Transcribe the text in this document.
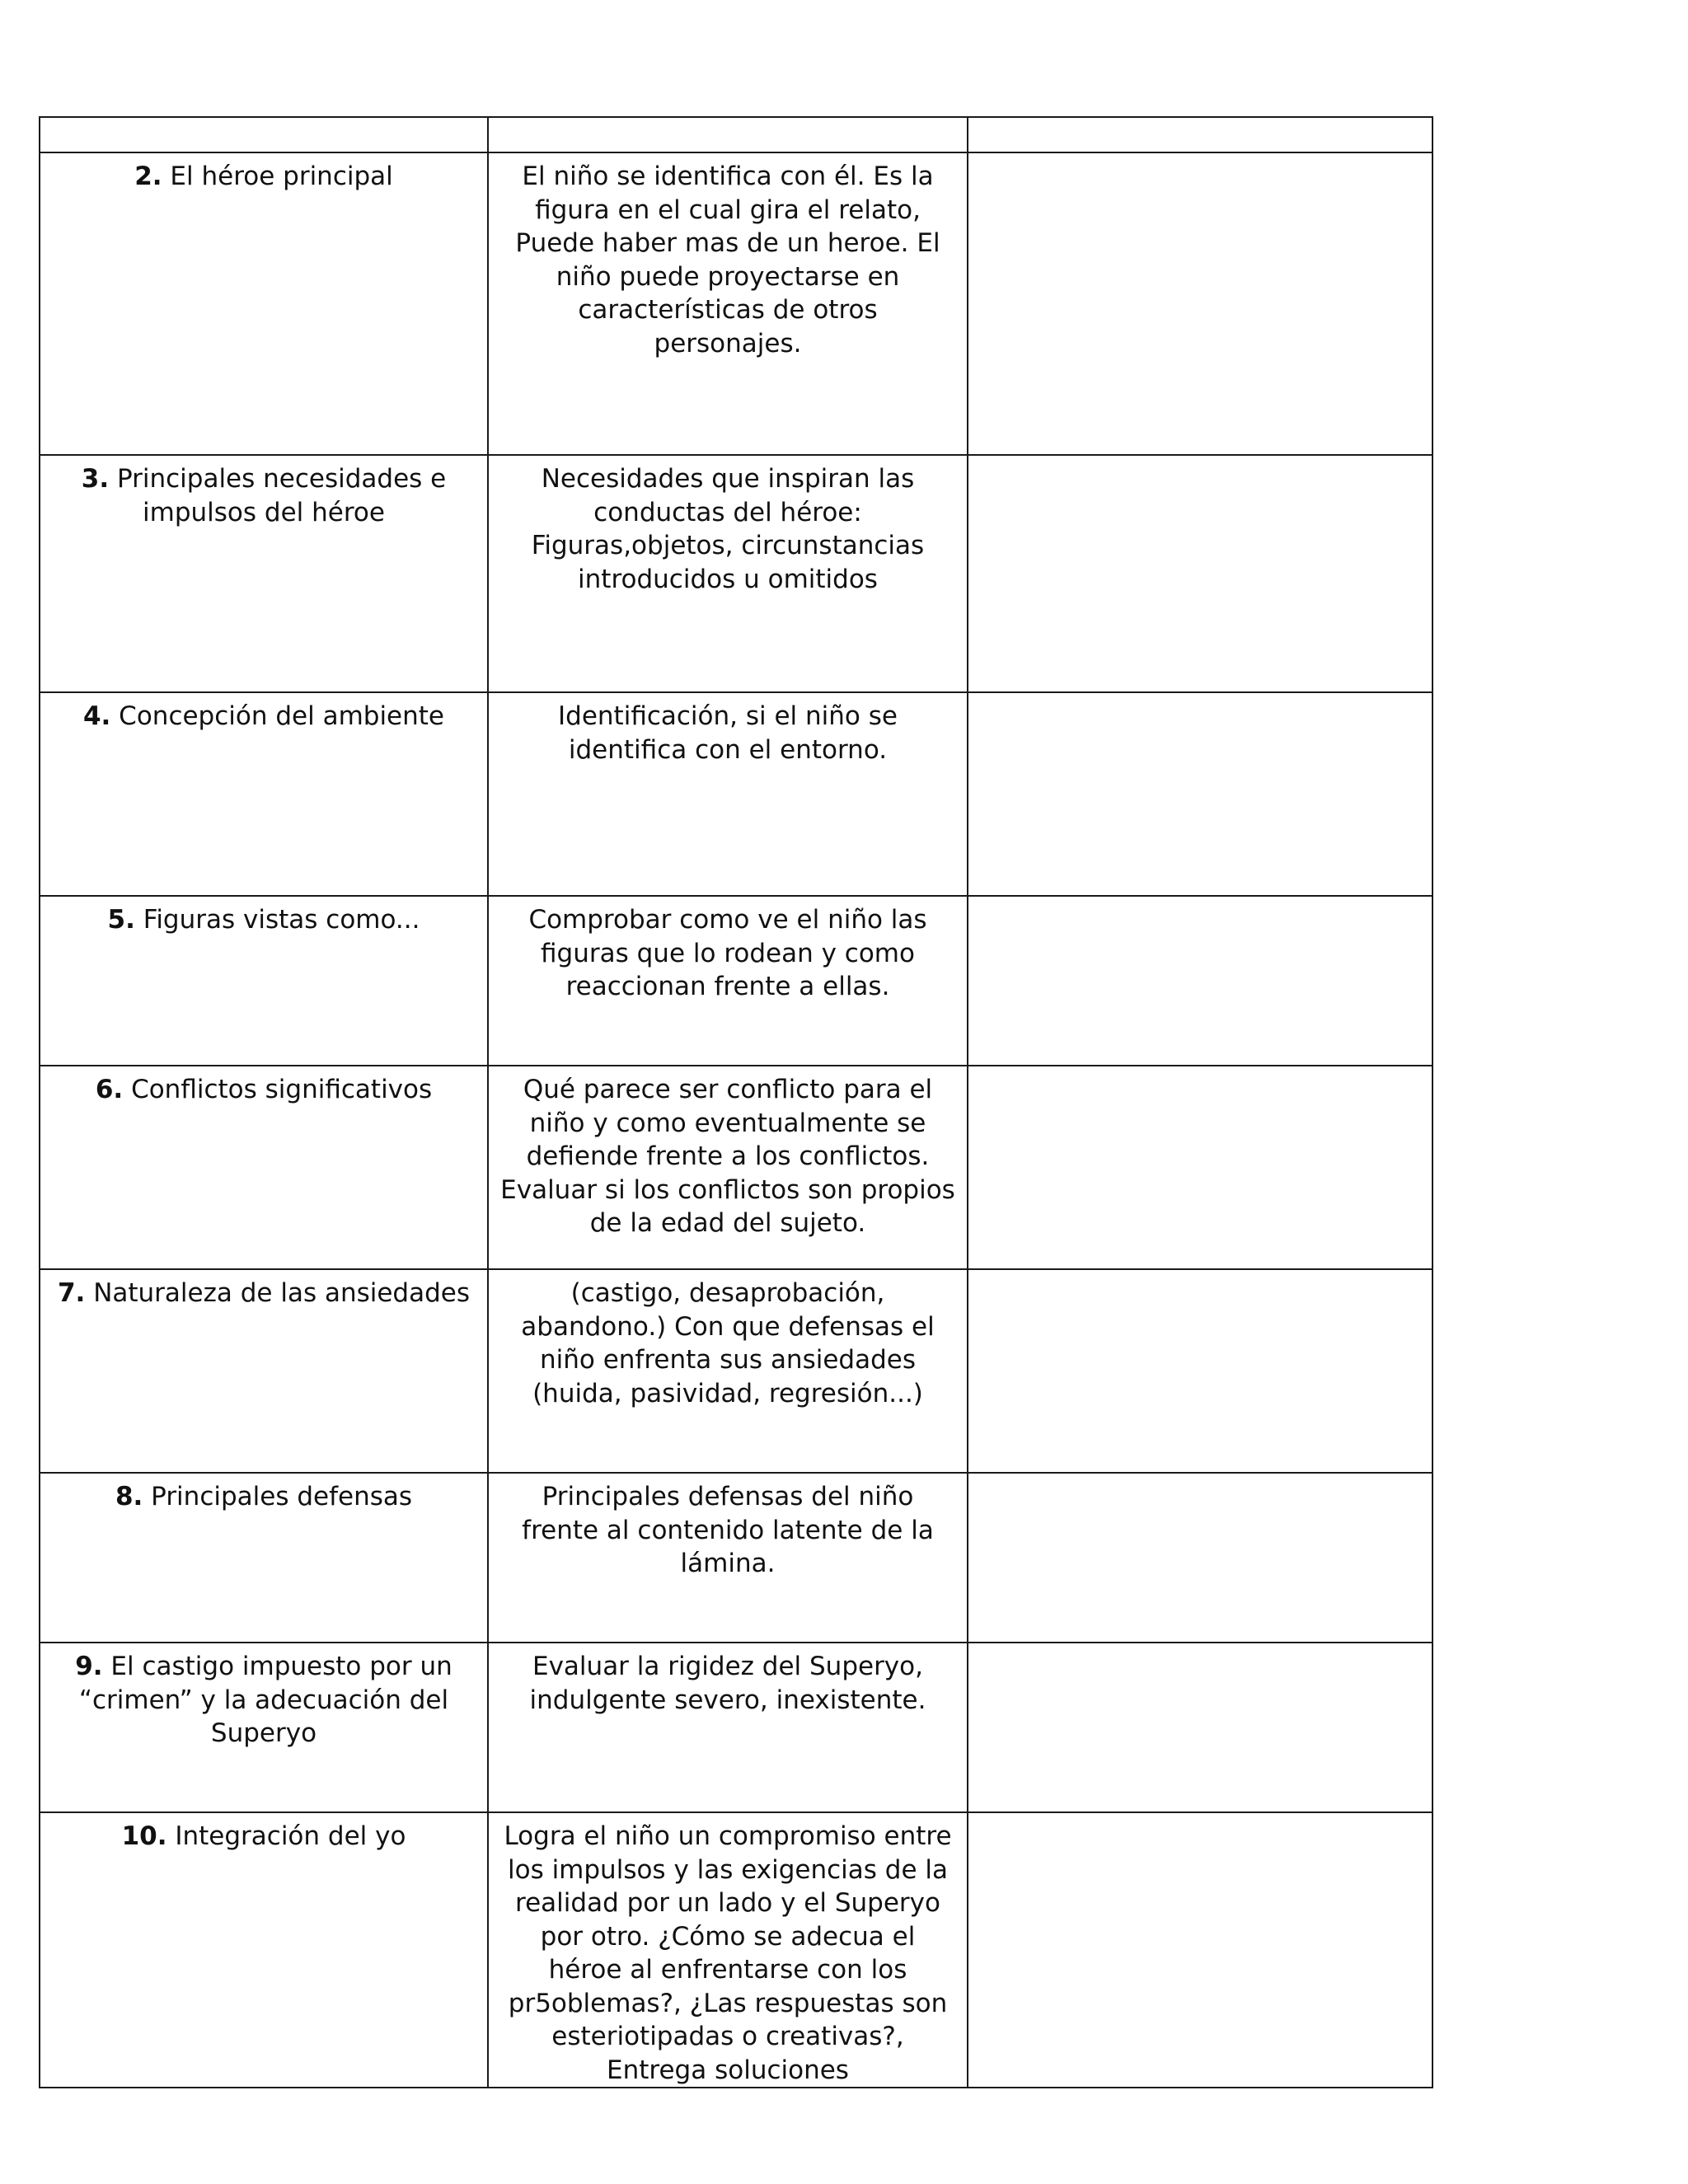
2. El héroe principal	El niño se identifica con él. Es la figura en el cual gira el relato, Puede haber mas de un heroe. El niño puede proyectarse en características de otros personajes.	

3. Principales necesidades e impulsos del héroe	Necesidades que inspiran las conductas del héroe: Figuras,objetos, circunstancias introducidos u omitidos	

4. Concepción del ambiente	Identificación, si el niño se identifica con el entorno.	

5. Figuras vistas como...	Comprobar como ve el niño las figuras que lo rodean y como reaccionan frente a ellas.	

6. Conflictos significativos	Qué parece ser conflicto para el niño y como eventualmente se defiende frente a los conflictos. Evaluar si los conflictos son propios de la edad del sujeto.	

7. Naturaleza de las ansiedades	(castigo, desaprobación, abandono.) Con que defensas el niño enfrenta sus ansiedades (huida, pasividad, regresión...)	

8. Principales defensas	Principales defensas del niño frente al contenido latente de la lámina.	

9. El castigo impuesto por un “crimen” y la adecuación del Superyo	Evaluar la rigidez del Superyo, indulgente severo, inexistente.	

10. Integración del yo	Logra el niño un compromiso entre los impulsos y las exigencias de la realidad por un lado y el Superyo por otro. ¿Cómo se adecua el héroe al enfrentarse con los pr5oblemas?, ¿Las respuestas son esteriotipadas o creativas?, Entrega soluciones	
